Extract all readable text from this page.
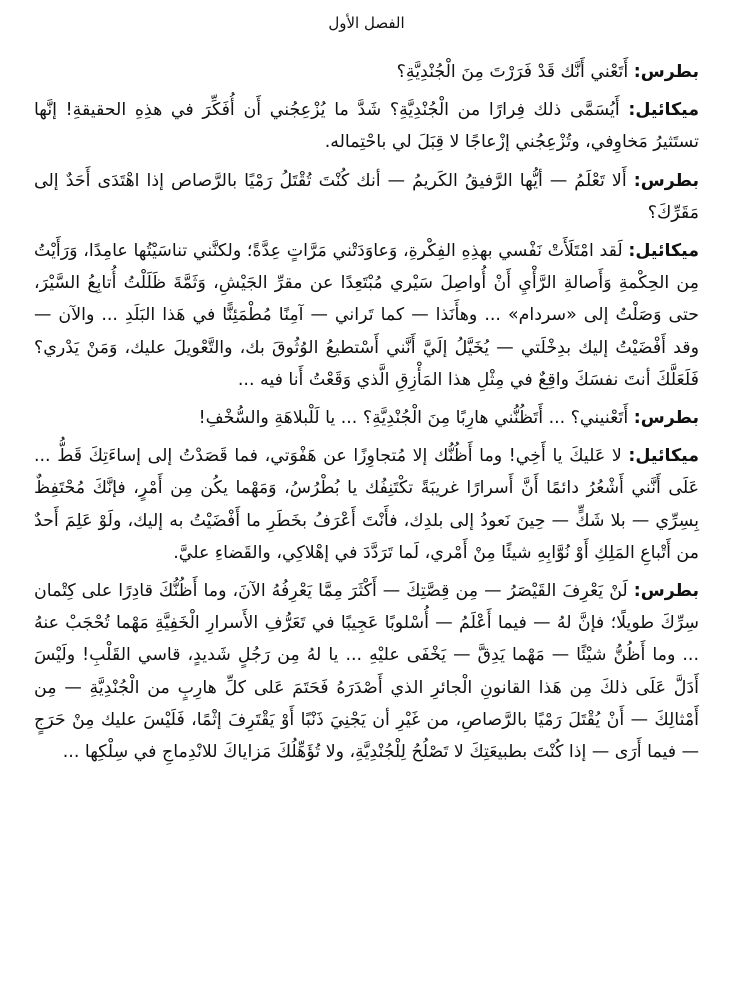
الفصل الأول

بطرس: أَتَعْني أَنَّك قَدْ فَرَرْتَ مِنَ الْجُنْدِيَّةِ؟

ميكائيل: أَيُسَمَّى ذلك فِرارًا من الْجُنْدِيَّةِ؟ شَدَّ ما يُزْعِجُني أَن أُفَكِّرَ في هذِهِ الحقيقةِ! إنَّها تستَثيرُ مَخاوِفي، وتُزْعِجُني إزْعاجًا لا قِبَلَ لي باحْتِماله.

بطرس: أَلا تَعْلَمُ — أيُّها الرَّفيقُ الكَريمُ — أنك كُنْتَ تُقْتَلُ رَمْيًا بالرَّصاص إذا اهْتَدَى أَحَدٌ إلى مَقَرِّكَ؟

ميكائيل: لَقد امْتَلَأَتْ نَفْسي بهذِهِ الفِكْرةِ، وَعاوَدَتْني مَرَّاتٍ عِدَّةً؛ ولكنَّني تناسَيْتُها عامِدًا، وَرَأَيْتُ مِن الحِكْمةِ وَأَصالةِ الرَّأْيِ أَنْ أُواصِلَ سَيْري مُبْتَعِدًا عن مقرِّ الجَيْشِ، وَثَمَّةَ ظَلَلْتُ أُتابِعُ السَّيْرَ، حتى وَصَلْتُ إلى «سردام» ... وهأَنَذا — كما تَراني — آمِنًا مُطْمَئِنًّا في هَذا البَلَدِ ... والآن — وقد أَفْضَيْتُ إليك بدِخْلَتي — يُخَيَّلُ إلَيَّ أَنَّني أَسْتطيعُ الوُثُوقَ بك، والتَّعْويلَ عليك، وَمَنْ يَدْري؟ فَلَعَلَّكَ أنتَ نفسَكَ واقِعٌ في مِثْلِ هذا المَأْزِقِ الَّذي وَقَعْتُ أَنا فيه ...

بطرس: أَتَعْنيني؟ ... أَتَظُنُّني هارِبًا مِنَ الْجُنْدِيَّةِ؟ ... يا لَلْبلاهَةِ والسُّخْفِ!

ميكائيل: لا عَليكَ يا أَخِي! وما أَظُنُّك إلا مُتجاوِزًا عن هَفْوَتي، فما قَصَدْتُ إلى إساءَتِكَ قَطُّ ... عَلَى أَنَّني أَشْعُرُ دائمًا أَنَّ أَسرارًا غريبَةً تكْتَنِفُك يا بُطْرُسُ، وَمَهْما يكُن مِن أَمْرٍ، فإنَّكَ مُحْتَفِظٌ بِسِرِّي — بلا شَكٍّ — حِينَ نَعودُ إلى بلدِك، فأَنْتَ أَعْرَفُ بخَطَرِ ما أَفْضَيْتُ به إليك، ولَوْ عَلِمَ أَحدٌ من أَتْباعِ المَلِكِ أَوْ نُوَّابِهِ شيئًا مِنْ أَمْري، لَما تَرَدَّدَ في إهْلاكِي، والقَضاءِ عليَّ.

بطرس: لَنْ يَعْرِفَ القَيْصَرُ — مِن قِصَّتِكَ — أَكْثَرَ مِمَّا يَعْرِفُهُ الآنَ، وما أَظُنُّكَ قادِرًا على كِتْمان سِرِّكَ طويلًا؛ فإنَّ لهُ — فيما أَعْلَمُ — أُسْلوبًا عَجِيبًا في تَعَرُّفِ الأَسرارِ الْخَفِيَّةِ مَهْما تُحْجَبْ عنهُ ... وما أَظُنُّ شيْئًا — مَهْما يَدِقَّ — يَخْفَى عليْهِ ... يا لهُ مِن رَجُلٍ شَديدٍ، قاسي القَلْبِ! ولَيْسَ أَدَلَّ عَلَى ذلكَ مِن هَذا القانونِ الْجائرِ الذي أَصْدَرَهُ فَحَتَمَ عَلى كلِّ هارِبٍ من الْجُنْدِيَّةِ — مِن أَمْثالِكَ — أَنْ يُقْتَلَ رَمْيًا بالرَّصاصِ، من غَيْرِ أن يَجْنِيَ ذَنْبًا أَوْ يَقْتَرِفَ إثْمًا، فَلَيْسَ عليك مِنْ حَرَجٍ — فيما أَرَى — إذا كُنْتَ بطبيعَتِكَ لا تَصْلُحُ لِلْجُنْدِيَّةِ، ولا تُؤَهِّلُكَ مَزاياكَ للانْدِماجِ في سِلْكِها ...
